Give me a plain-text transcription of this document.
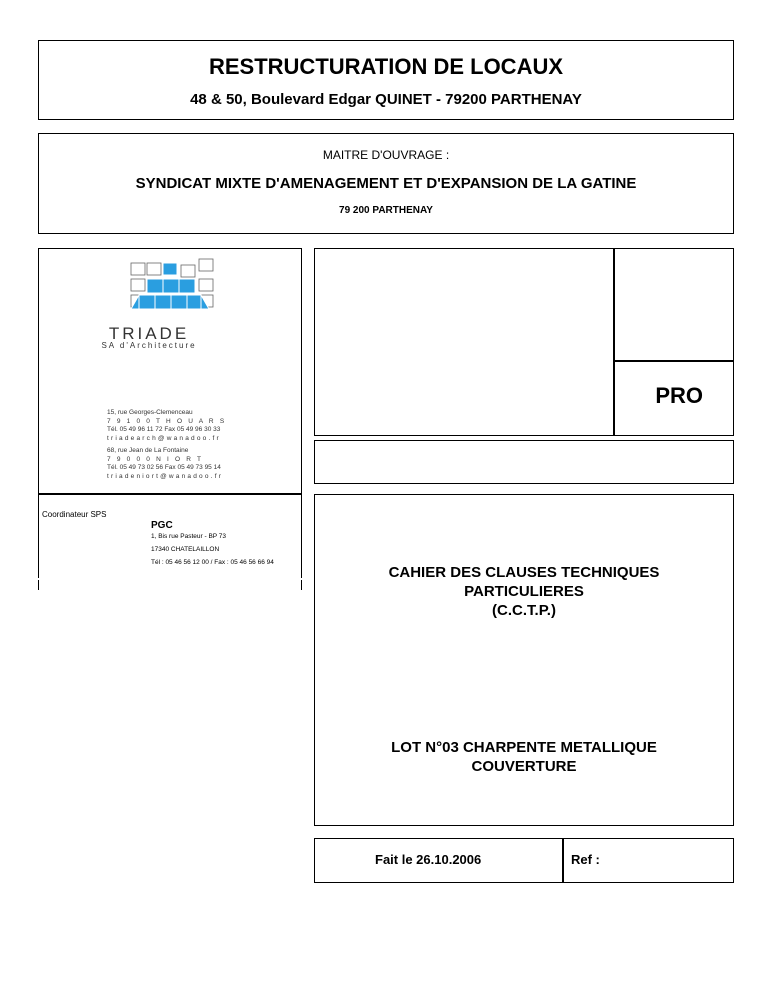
RESTRUCTURATION DE LOCAUX
48 & 50, Boulevard Edgar QUINET - 79200 PARTHENAY
MAITRE D'OUVRAGE :
SYNDICAT MIXTE D'AMENAGEMENT ET D'EXPANSION DE LA GATINE
79 200 PARTHENAY
TRIADE
SA d'Architecture
15, rue Georges-Clemenceau
7 9 1 0 0 T H O U A R S
Tél. 05 49 96 11 72 Fax 05 49 96 30 33
triadearch@wanadoo.fr
68, rue Jean de La Fontaine
7 9 0 0 0 N I O R T
Tél. 05 49 73 02 56 Fax 05 49 73 95 14
triadeniort@wanadoo.fr
PRO
Coordinateur SPS
PGC
1, Bis rue Pasteur - BP 73
17340 CHATELAILLON
Tél : 05 46 56 12 00 / Fax : 05 46 56 66 94
CAHIER DES CLAUSES TECHNIQUES
PARTICULIERES
(C.C.T.P.)
LOT N°03 CHARPENTE METALLIQUE
COUVERTURE
Fait le 26.10.2006	Ref :
